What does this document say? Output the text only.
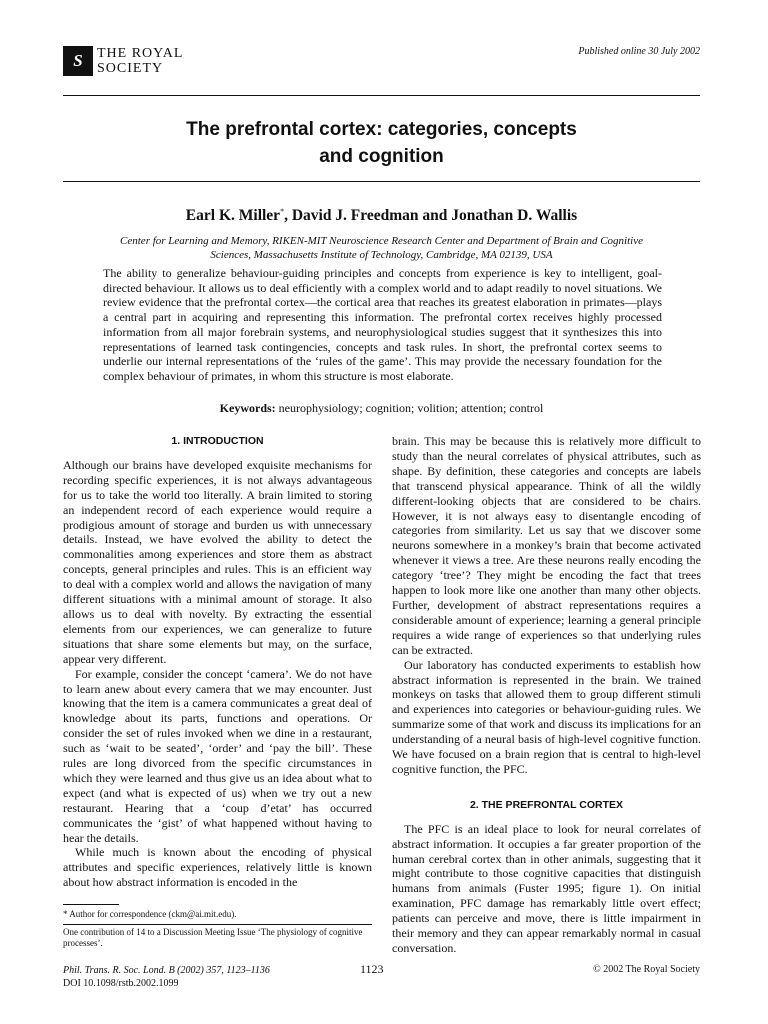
S	THE ROYAL
SOCIETY
Published online 30 July 2002
The prefrontal cortex: categories, concepts
and cognition
Earl K. Miller*, David J. Freedman and Jonathan D. Wallis
Center for Learning and Memory, RIKEN-MIT Neuroscience Research Center and Department of Brain and Cognitive Sciences, Massachusetts Institute of Technology, Cambridge, MA 02139, USA
The ability to generalize behaviour-guiding principles and concepts from experience is key to intelligent, goal-directed behaviour. It allows us to deal efficiently with a complex world and to adapt readily to novel situations. We review evidence that the prefrontal cortex—the cortical area that reaches its greatest elaboration in primates—plays a central part in acquiring and representing this information. The prefrontal cortex receives highly processed information from all major forebrain systems, and neurophysiological studies suggest that it synthesizes this into representations of learned task contingencies, concepts and task rules. In short, the prefrontal cortex seems to underlie our internal representations of the ‘rules of the game’. This may provide the necessary foundation for the complex behaviour of primates, in whom this structure is most elaborate.
Keywords: neurophysiology; cognition; volition; attention; control
1. INTRODUCTION

Although our brains have developed exquisite mechanisms for recording specific experiences, it is not always advantageous for us to take the world too literally. A brain limited to storing an independent record of each experience would require a prodigious amount of storage and burden us with unnecessary details. Instead, we have evolved the ability to detect the commonalities among experiences and store them as abstract concepts, general principles and rules. This is an efficient way to deal with a complex world and allows the navigation of many different situations with a minimal amount of storage. It also allows us to deal with novelty. By extracting the essential elements from our experiences, we can generalize to future situations that share some elements but may, on the surface, appear very different.

For example, consider the concept ‘camera’. We do not have to learn anew about every camera that we may encounter. Just knowing that the item is a camera communicates a great deal of knowledge about its parts, functions and operations. Or consider the set of rules invoked when we dine in a restaurant, such as ‘wait to be seated’, ‘order’ and ‘pay the bill’. These rules are long divorced from the specific circumstances in which they were learned and thus give us an idea about what to expect (and what is expected of us) when we try out a new restaurant. Hearing that a ‘coup d’etat’ has occurred communicates the ‘gist’ of what happened without having to hear the details.

While much is known about the encoding of physical attributes and specific experiences, relatively little is known about how abstract information is encoded in the

* Author for correspondence (ckm@ai.mit.edu).
One contribution of 14 to a Discussion Meeting Issue ‘The physiology of cognitive processes’.

brain. This may be because this is relatively more difficult to study than the neural correlates of physical attributes, such as shape. By definition, these categories and concepts are labels that transcend physical appearance. Think of all the wildly different-looking objects that are considered to be chairs. However, it is not always easy to disentangle encoding of categories from similarity. Let us say that we discover some neurons somewhere in a monkey’s brain that become activated whenever it views a tree. Are these neurons really encoding the category ‘tree’? They might be encoding the fact that trees happen to look more like one another than many other objects. Further, development of abstract representations requires a considerable amount of experience; learning a general principle requires a wide range of experiences so that underlying rules can be extracted.

Our laboratory has conducted experiments to establish how abstract information is represented in the brain. We trained monkeys on tasks that allowed them to group different stimuli and experiences into categories or behaviour-guiding rules. We summarize some of that work and discuss its implications for an understanding of a neural basis of high-level cognitive function. We have focused on a brain region that is central to high-level cognitive function, the PFC.

2. THE PREFRONTAL CORTEX

The PFC is an ideal place to look for neural correlates of abstract information. It occupies a far greater proportion of the human cerebral cortex than in other animals, suggesting that it might contribute to those cognitive capacities that distinguish humans from animals (Fuster 1995; figure 1). On initial examination, PFC damage has remarkably little overt effect; patients can perceive and move, there is little impairment in their memory and they can appear remarkably normal in casual conversation.

Phil. Trans. R. Soc. Lond. B (2002) 357, 1123–1136
DOI 10.1098/rstb.2002.1099
1123	© 2002 The Royal Society
